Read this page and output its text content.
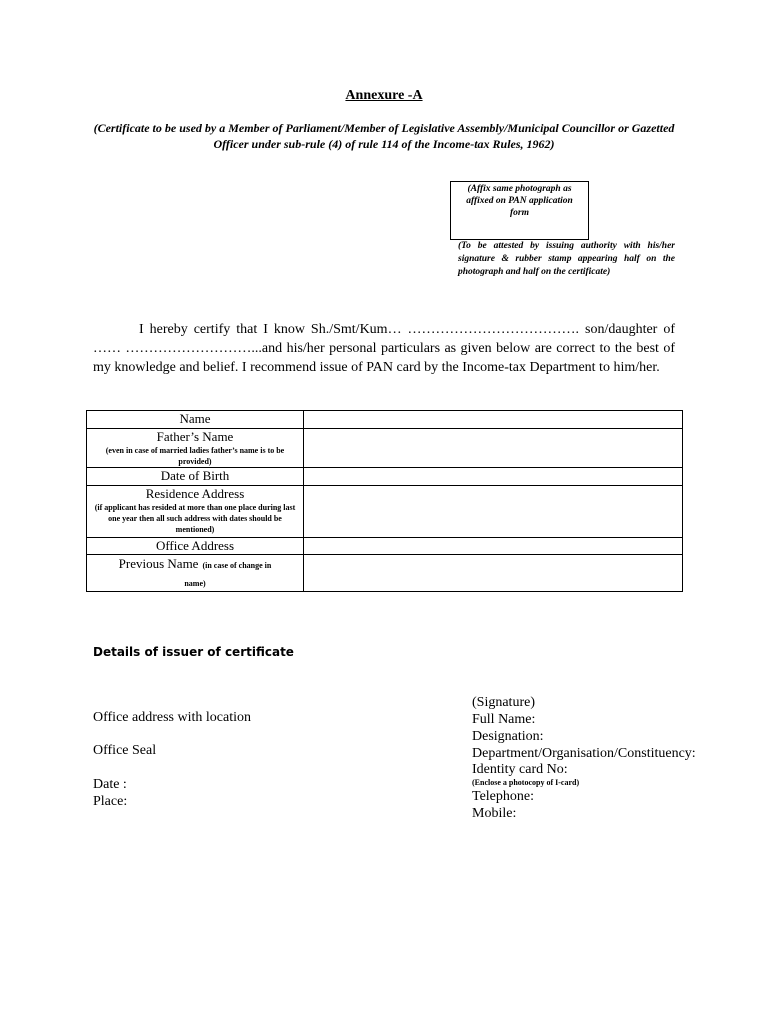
Annexure -A
(Certificate to be used by a Member of Parliament/Member of Legislative Assembly/Municipal Councillor or Gazetted Officer under sub-rule (4) of rule 114 of the Income-tax Rules, 1962)
(Affix same photograph as affixed on PAN application form
(To be attested by issuing authority with his/her signature & rubber stamp appearing half on the photograph and half on the certificate)
I hereby certify that I know Sh./Smt/Kum… ………………………………. son/daughter of …… ………………………...and his/her personal particulars as given below are correct to the best of my knowledge and belief. I recommend issue of PAN card by the Income-tax Department to him/her.
Name	

Father’s Name
(even in case of married ladies father’s name is to be provided)	

Date of Birth	

Residence Address
(if applicant has resided at more than one place during last one year then all such address with dates should be mentioned)	

Office Address	

Previous Name (in case of change in name)	
Details of issuer of certificate
Office address with location
Office Seal
Date :
Place:
(Signature)
Full Name:
Designation:
Department/Organisation/Constituency:
Identity card No:
(Enclose a photocopy of I-card)
Telephone:
Mobile:
